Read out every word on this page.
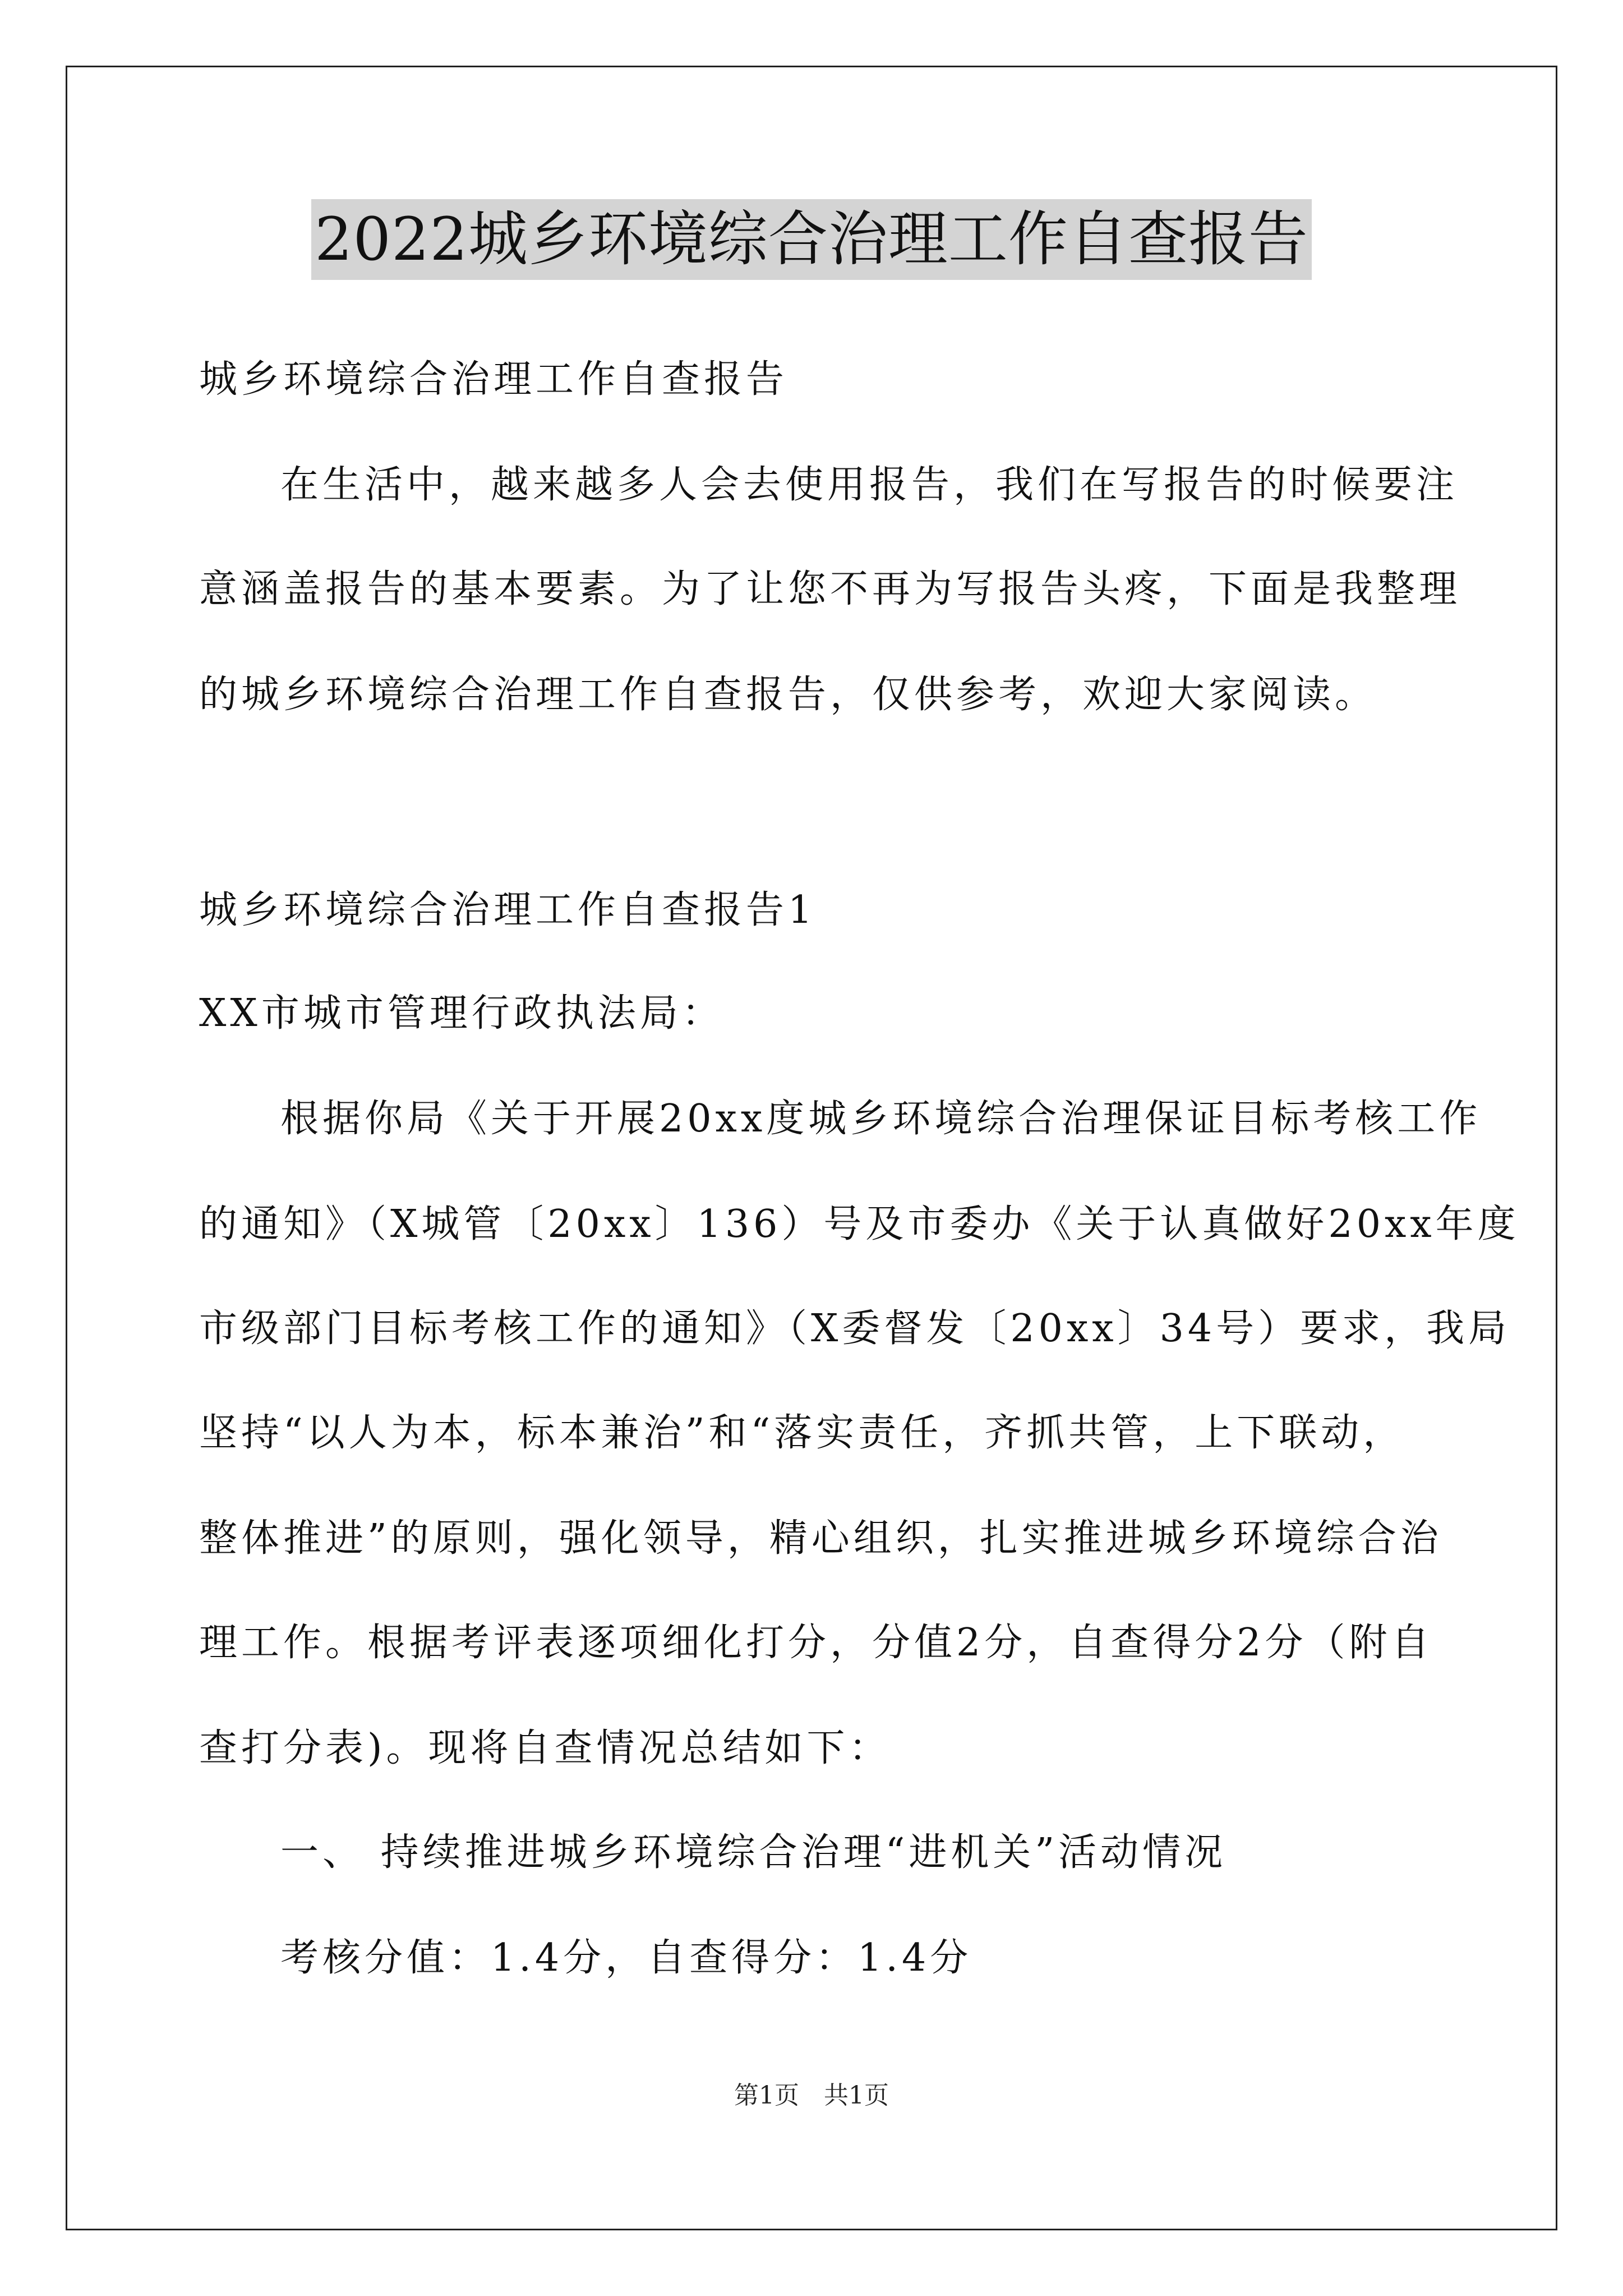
2022城乡环境综合治理工作自查报告
城乡环境综合治理工作自查报告
在生活中，越来越多人会去使用报告，我们在写报告的时候要注
意涵盖报告的基本要素。为了让您不再为写报告头疼，下面是我整理
的城乡环境综合治理工作自查报告，仅供参考，欢迎大家阅读。
城乡环境综合治理工作自查报告1
XX市城市管理行政执法局：
根据你局《关于开展20xx度城乡环境综合治理保证目标考核工作
的通知》（X城管〔20xx〕136）号及市委办《关于认真做好20xx年度
市级部门目标考核工作的通知》（X委督发〔20xx〕34号）要求，我局
坚持“以人为本，标本兼治”和“落实责任，齐抓共管，上下联动，
整体推进”的原则，强化领导，精心组织，扎实推进城乡环境综合治
理工作。根据考评表逐项细化打分，分值2分，自查得分2分（附自
查打分表)。现将自查情况总结如下：
一、 持续推进城乡环境综合治理“进机关”活动情况
考核分值：1.4分，自查得分：1.4分
第1页　共1页
